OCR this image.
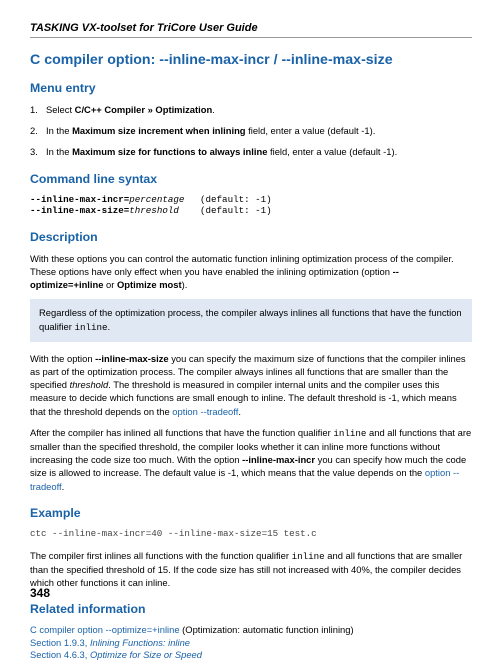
TASKING VX-toolset for TriCore User Guide
C compiler option: --inline-max-incr / --inline-max-size
Menu entry
1. Select C/C++ Compiler » Optimization.
2. In the Maximum size increment when inlining field, enter a value (default -1).
3. In the Maximum size for functions to always inline field, enter a value (default -1).
Command line syntax
--inline-max-incr=percentage	(default: -1)
--inline-max-size=threshold	(default: -1)
Description

With these options you can control the automatic function inlining optimization process of the compiler. These options have only effect when you have enabled the inlining optimization (option --optimize=+inline or Optimize most).

Regardless of the optimization process, the compiler always inlines all functions that have the function qualifier inline.

With the option --inline-max-size you can specify the maximum size of functions that the compiler inlines as part of the optimization process. The compiler always inlines all functions that are smaller than the specified threshold. The threshold is measured in compiler internal units and the compiler uses this measure to decide which functions are small enough to inline. The default threshold is -1, which means that the threshold depends on the option --tradeoff.

After the compiler has inlined all functions that have the function qualifier inline and all functions that are smaller than the specified threshold, the compiler looks whether it can inline more functions without increasing the code size too much. With the option --inline-max-incr you can specify how much the code size is allowed to increase. The default value is -1, which means that the value depends on the option --tradeoff.

Example
ctc --inline-max-incr=40 --inline-max-size=15 test.c

The compiler first inlines all functions with the function qualifier inline and all functions that are smaller than the specified threshold of 15. If the code size has still not increased with 40%, the compiler decides which other functions it can inline.

Related information

C compiler option --optimize=+inline (Optimization: automatic function inlining)

Section 1.9.3, Inlining Functions: inline

Section 4.6.3, Optimize for Size or Speed

348
